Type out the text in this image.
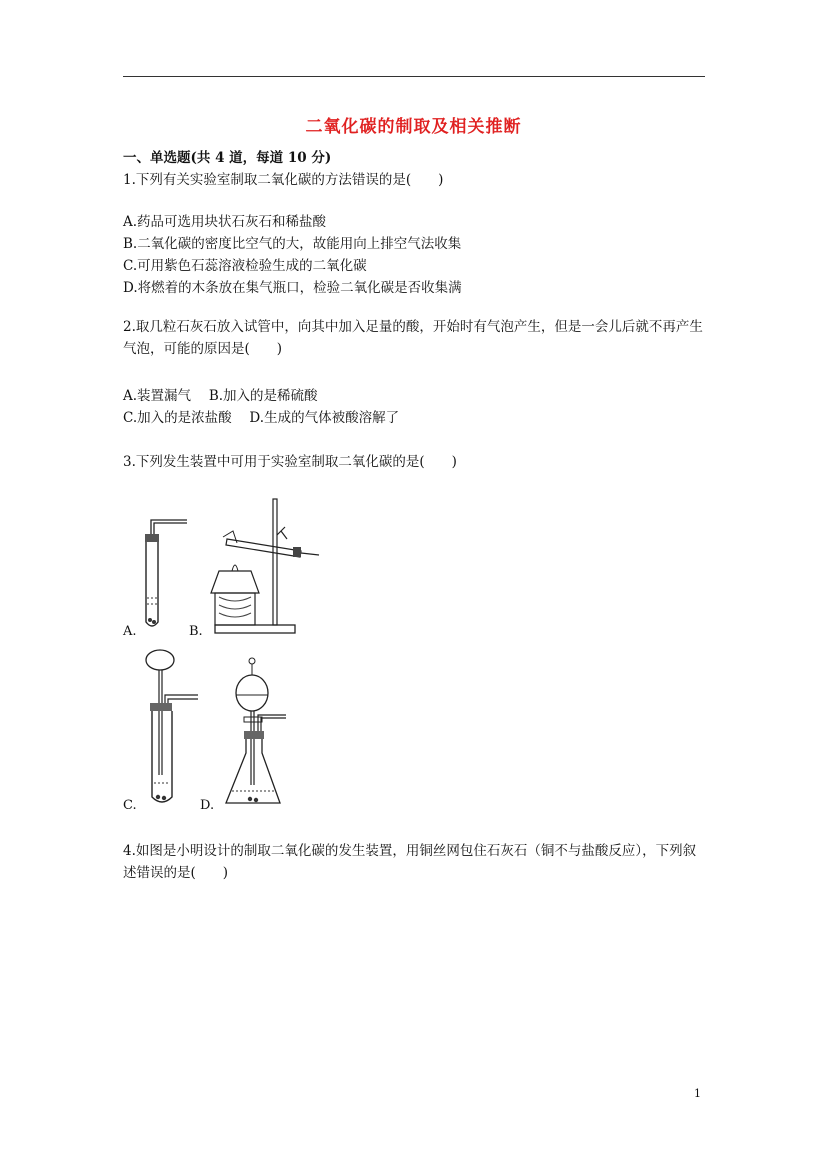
二氧化碳的制取及相关推断
一、单选题(共 4 道，每道 10 分)
1.下列有关实验室制取二氧化碳的方法错误的是(　　)
A.药品可选用块状石灰石和稀盐酸
B.二氧化碳的密度比空气的大，故能用向上排空气法收集
C.可用紫色石蕊溶液检验生成的二氧化碳
D.将燃着的木条放在集气瓶口，检验二氧化碳是否收集满
2.取几粒石灰石放入试管中，向其中加入足量的酸，开始时有气泡产生，但是一会儿后就不再产生气泡，可能的原因是(　　)
A.装置漏气　 B.加入的是稀硫酸
C.加入的是浓盐酸　 D.生成的气体被酸溶解了
3.下列发生装置中可用于实验室制取二氧化碳的是(　　)
A.	B.
C.	D.
4.如图是小明设计的制取二氧化碳的发生装置，用铜丝网包住石灰石（铜不与盐酸反应），下列叙述错误的是(　　)
1
